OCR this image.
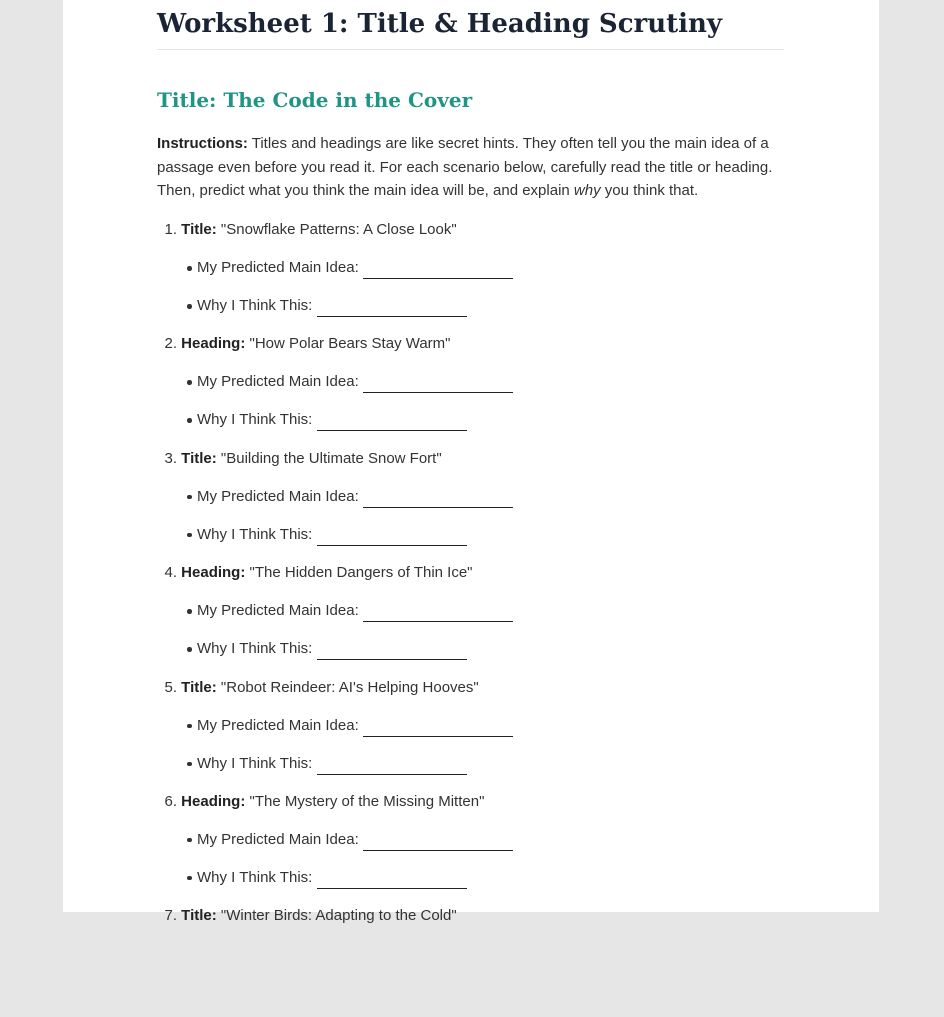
Worksheet 1: Title & Heading Scrutiny
Title: The Code in the Cover

Instructions: Titles and headings are like secret hints. They often tell you the main idea of a passage even before you read it. For each scenario below, carefully read the title or heading. Then, predict what you think the main idea will be, and explain why you think that.

1. Title: "Snowflake Patterns: A Close Look"
My Predicted Main Idea:
Why I Think This:
2. Heading: "How Polar Bears Stay Warm"
My Predicted Main Idea:
Why I Think This:
3. Title: "Building the Ultimate Snow Fort"
My Predicted Main Idea:
Why I Think This:
4. Heading: "The Hidden Dangers of Thin Ice"
My Predicted Main Idea:
Why I Think This:
5. Title: "Robot Reindeer: AI's Helping Hooves"
My Predicted Main Idea:
Why I Think This:
6. Heading: "The Mystery of the Missing Mitten"
My Predicted Main Idea:
Why I Think This:
7. Title: "Winter Birds: Adapting to the Cold"
